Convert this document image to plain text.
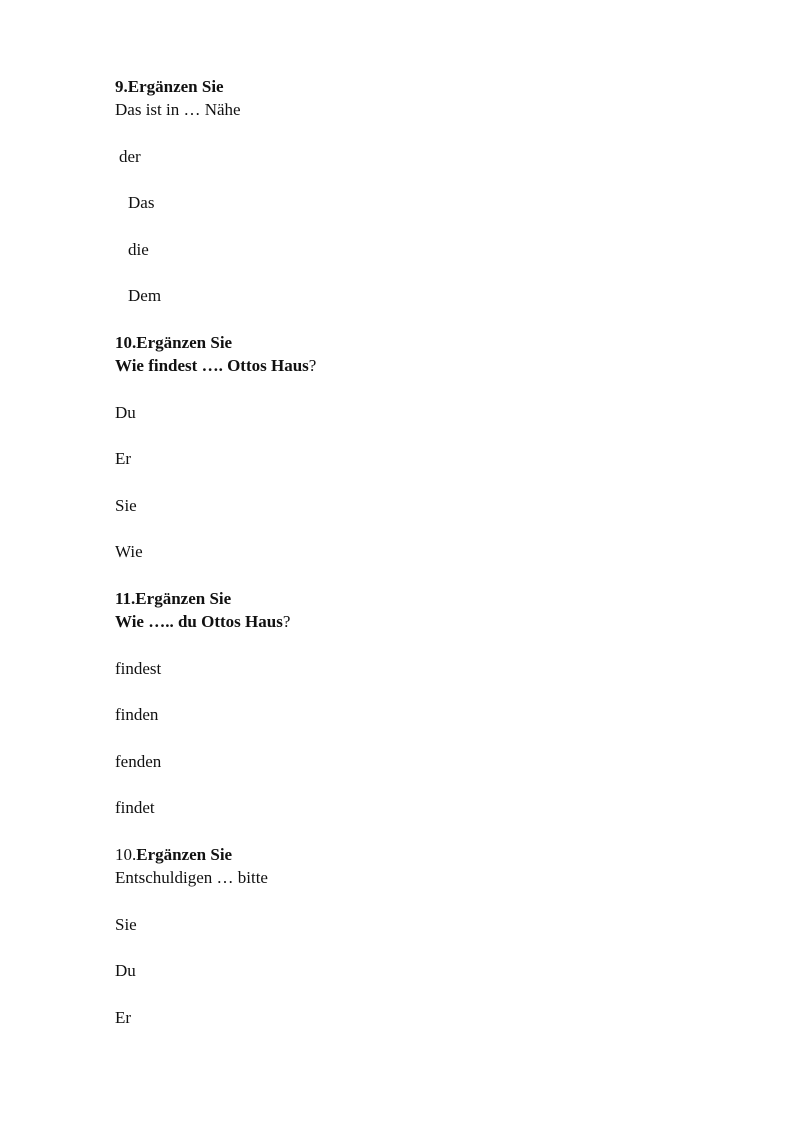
9.Ergänzen Sie
Das ist in … Nähe
der
Das
die
Dem
10.Ergänzen Sie
Wie findest …. Ottos Haus?
Du
Er
Sie
Wie
11.Ergänzen Sie
Wie ….. du Ottos Haus?
findest
finden
fenden
findet
10.Ergänzen Sie
Entschuldigen … bitte
Sie
Du
Er
